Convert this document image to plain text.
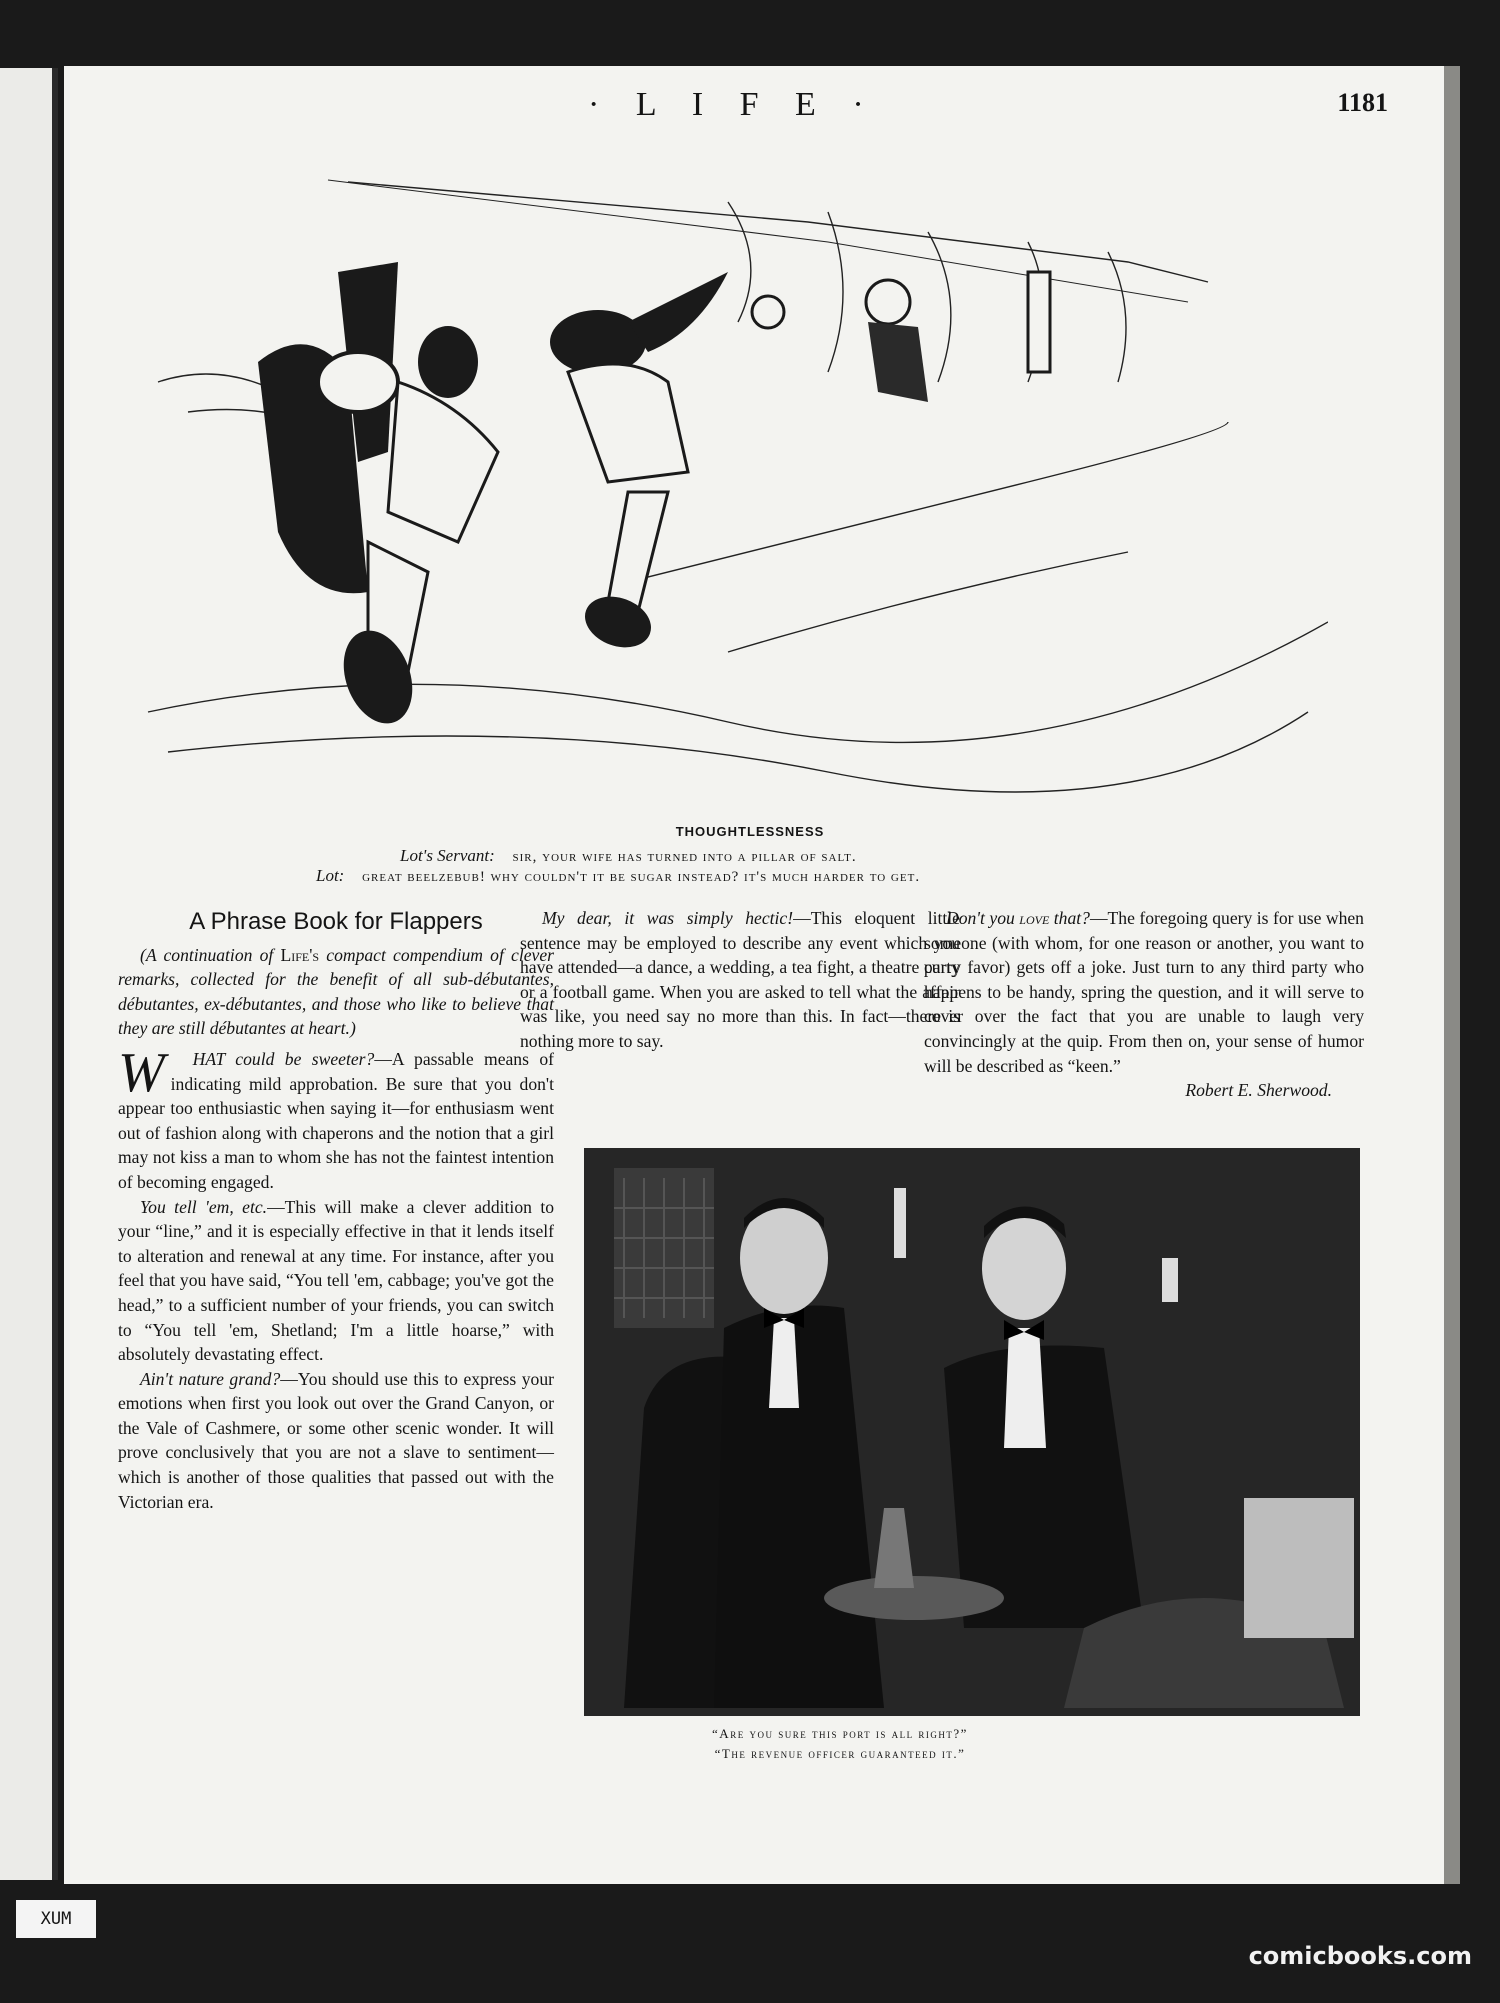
· L I F E ·	1181
THOUGHTLESSNESS
Lot's Servant: sir, your wife has turned into a pillar of salt.
Lot: great beelzebub! why couldn't it be sugar instead? it's much harder to get.
A Phrase Book for Flappers

(A continuation of Life's compact compendium of clever remarks, collected for the benefit of all sub-débutantes, débutantes, ex-débutantes, and those who like to believe that they are still débutantes at heart.)

W HAT could be sweeter?—A passable means of indicating mild approbation. Be sure that you don't appear too enthusiastic when saying it—for enthusiasm went out of fashion along with chaperons and the notion that a girl may not kiss a man to whom she has not the faintest intention of becoming engaged.

You tell 'em, etc.—This will make a clever addition to your “line,” and it is especially effective in that it lends itself to alteration and renewal at any time. For instance, after you feel that you have said, “You tell 'em, cabbage; you've got the head,” to a sufficient number of your friends, you can switch to “You tell 'em, Shetland; I'm a little hoarse,” with absolutely devastating effect.

Ain't nature grand?—You should use this to express your emotions when first you look out over the Grand Canyon, or the Vale of Cashmere, or some other scenic wonder. It will prove conclusively that you are not a slave to sentiment—which is another of those qualities that passed out with the Victorian era.

My dear, it was simply hectic!—This eloquent little sentence may be employed to describe any event which you have attended—a dance, a wedding, a tea fight, a theatre party or a football game. When you are asked to tell what the affair was like, you need say no more than this. In fact—there is nothing more to say.

Don't you love that?—The foregoing query is for use when someone (with whom, for one reason or another, you want to curry favor) gets off a joke. Just turn to any third party who happens to be handy, spring the question, and it will serve to cover over the fact that you are unable to laugh very convincingly at the quip. From then on, your sense of humor will be described as “keen.”

Robert E. Sherwood.

“Are you sure this port is all right?”
“The revenue officer guaranteed it.”
XUM
comicbooks.com
